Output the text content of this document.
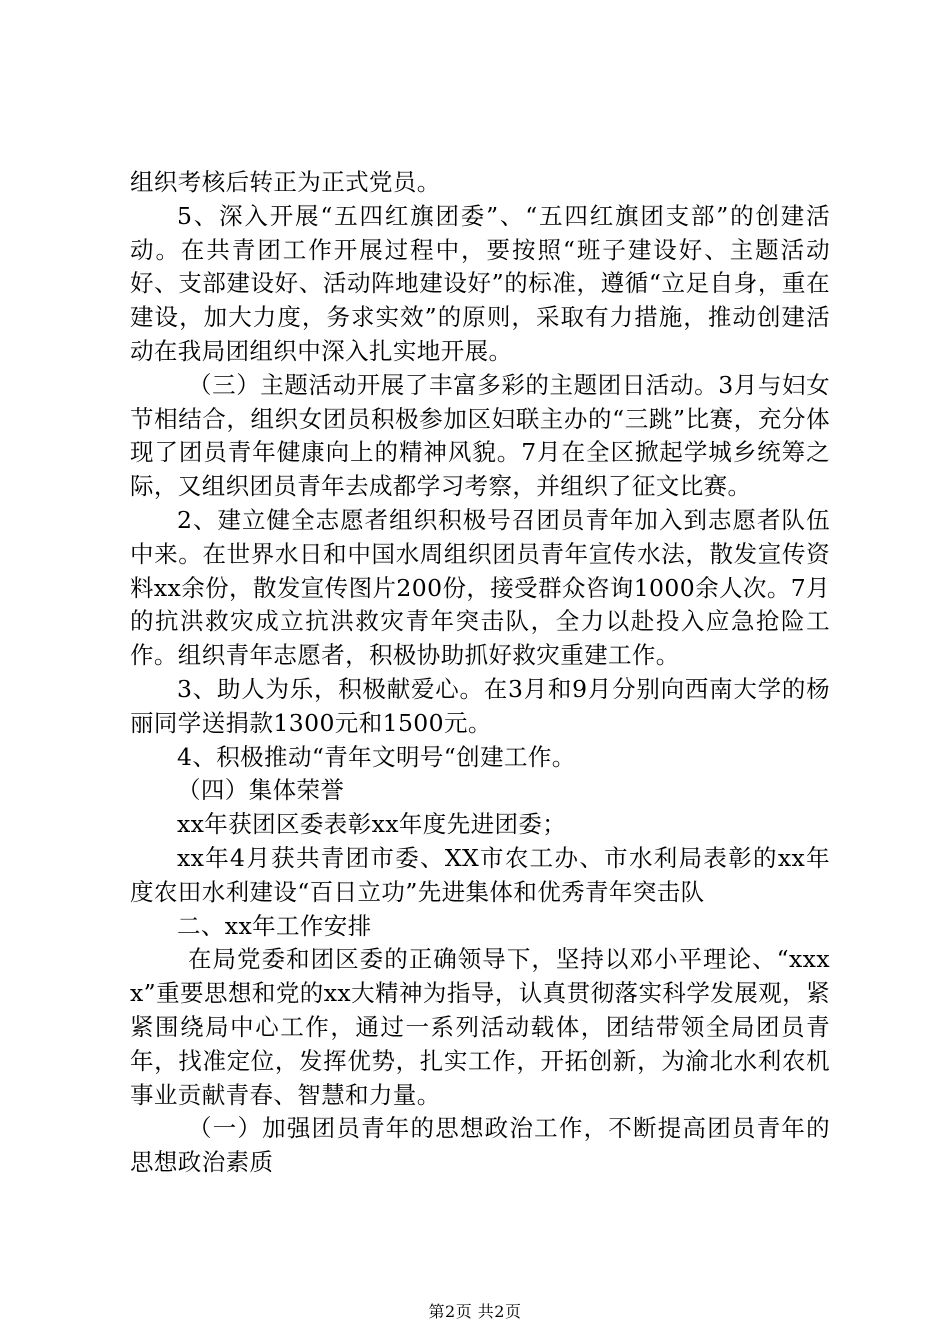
组织考核后转正为正式党员。

5、深入开展“五四红旗团委”、“五四红旗团支部”的创建活动。在共青团工作开展过程中，要按照“班子建设好、主题活动好、支部建设好、活动阵地建设好”的标准，遵循“立足自身，重在建设，加大力度，务求实效”的原则，采取有力措施，推动创建活动在我局团组织中深入扎实地开展。

（三）主题活动开展了丰富多彩的主题团日活动。3月与妇女节相结合，组织女团员积极参加区妇联主办的“三跳”比赛，充分体现了团员青年健康向上的精神风貌。7月在全区掀起学城乡统筹之际，又组织团员青年去成都学习考察，并组织了征文比赛。

2、建立健全志愿者组织积极号召团员青年加入到志愿者队伍中来。在世界水日和中国水周组织团员青年宣传水法，散发宣传资料xx余份，散发宣传图片200份，接受群众咨询1000余人次。7月的抗洪救灾成立抗洪救灾青年突击队，全力以赴投入应急抢险工作。组织青年志愿者，积极协助抓好救灾重建工作。

3、助人为乐，积极献爱心。在3月和9月分别向西南大学的杨丽同学送捐款1300元和1500元。

4、积极推动“青年文明号“创建工作。

（四）集体荣誉

xx年获团区委表彰xx年度先进团委；

xx年4月获共青团市委、XX市农工办、市水利局表彰的xx年度农田水利建设“百日立功”先进集体和优秀青年突击队

二、xx年工作安排

在局党委和团区委的正确领导下，坚持以邓小平理论、“xxxx”重要思想和党的xx大精神为指导，认真贯彻落实科学发展观，紧紧围绕局中心工作，通过一系列活动载体，团结带领全局团员青年，找准定位，发挥优势，扎实工作，开拓创新，为渝北水利农机事业贡献青春、智慧和力量。

（一）加强团员青年的思想政治工作，不断提高团员青年的思想政治素质

第2页 共2页
